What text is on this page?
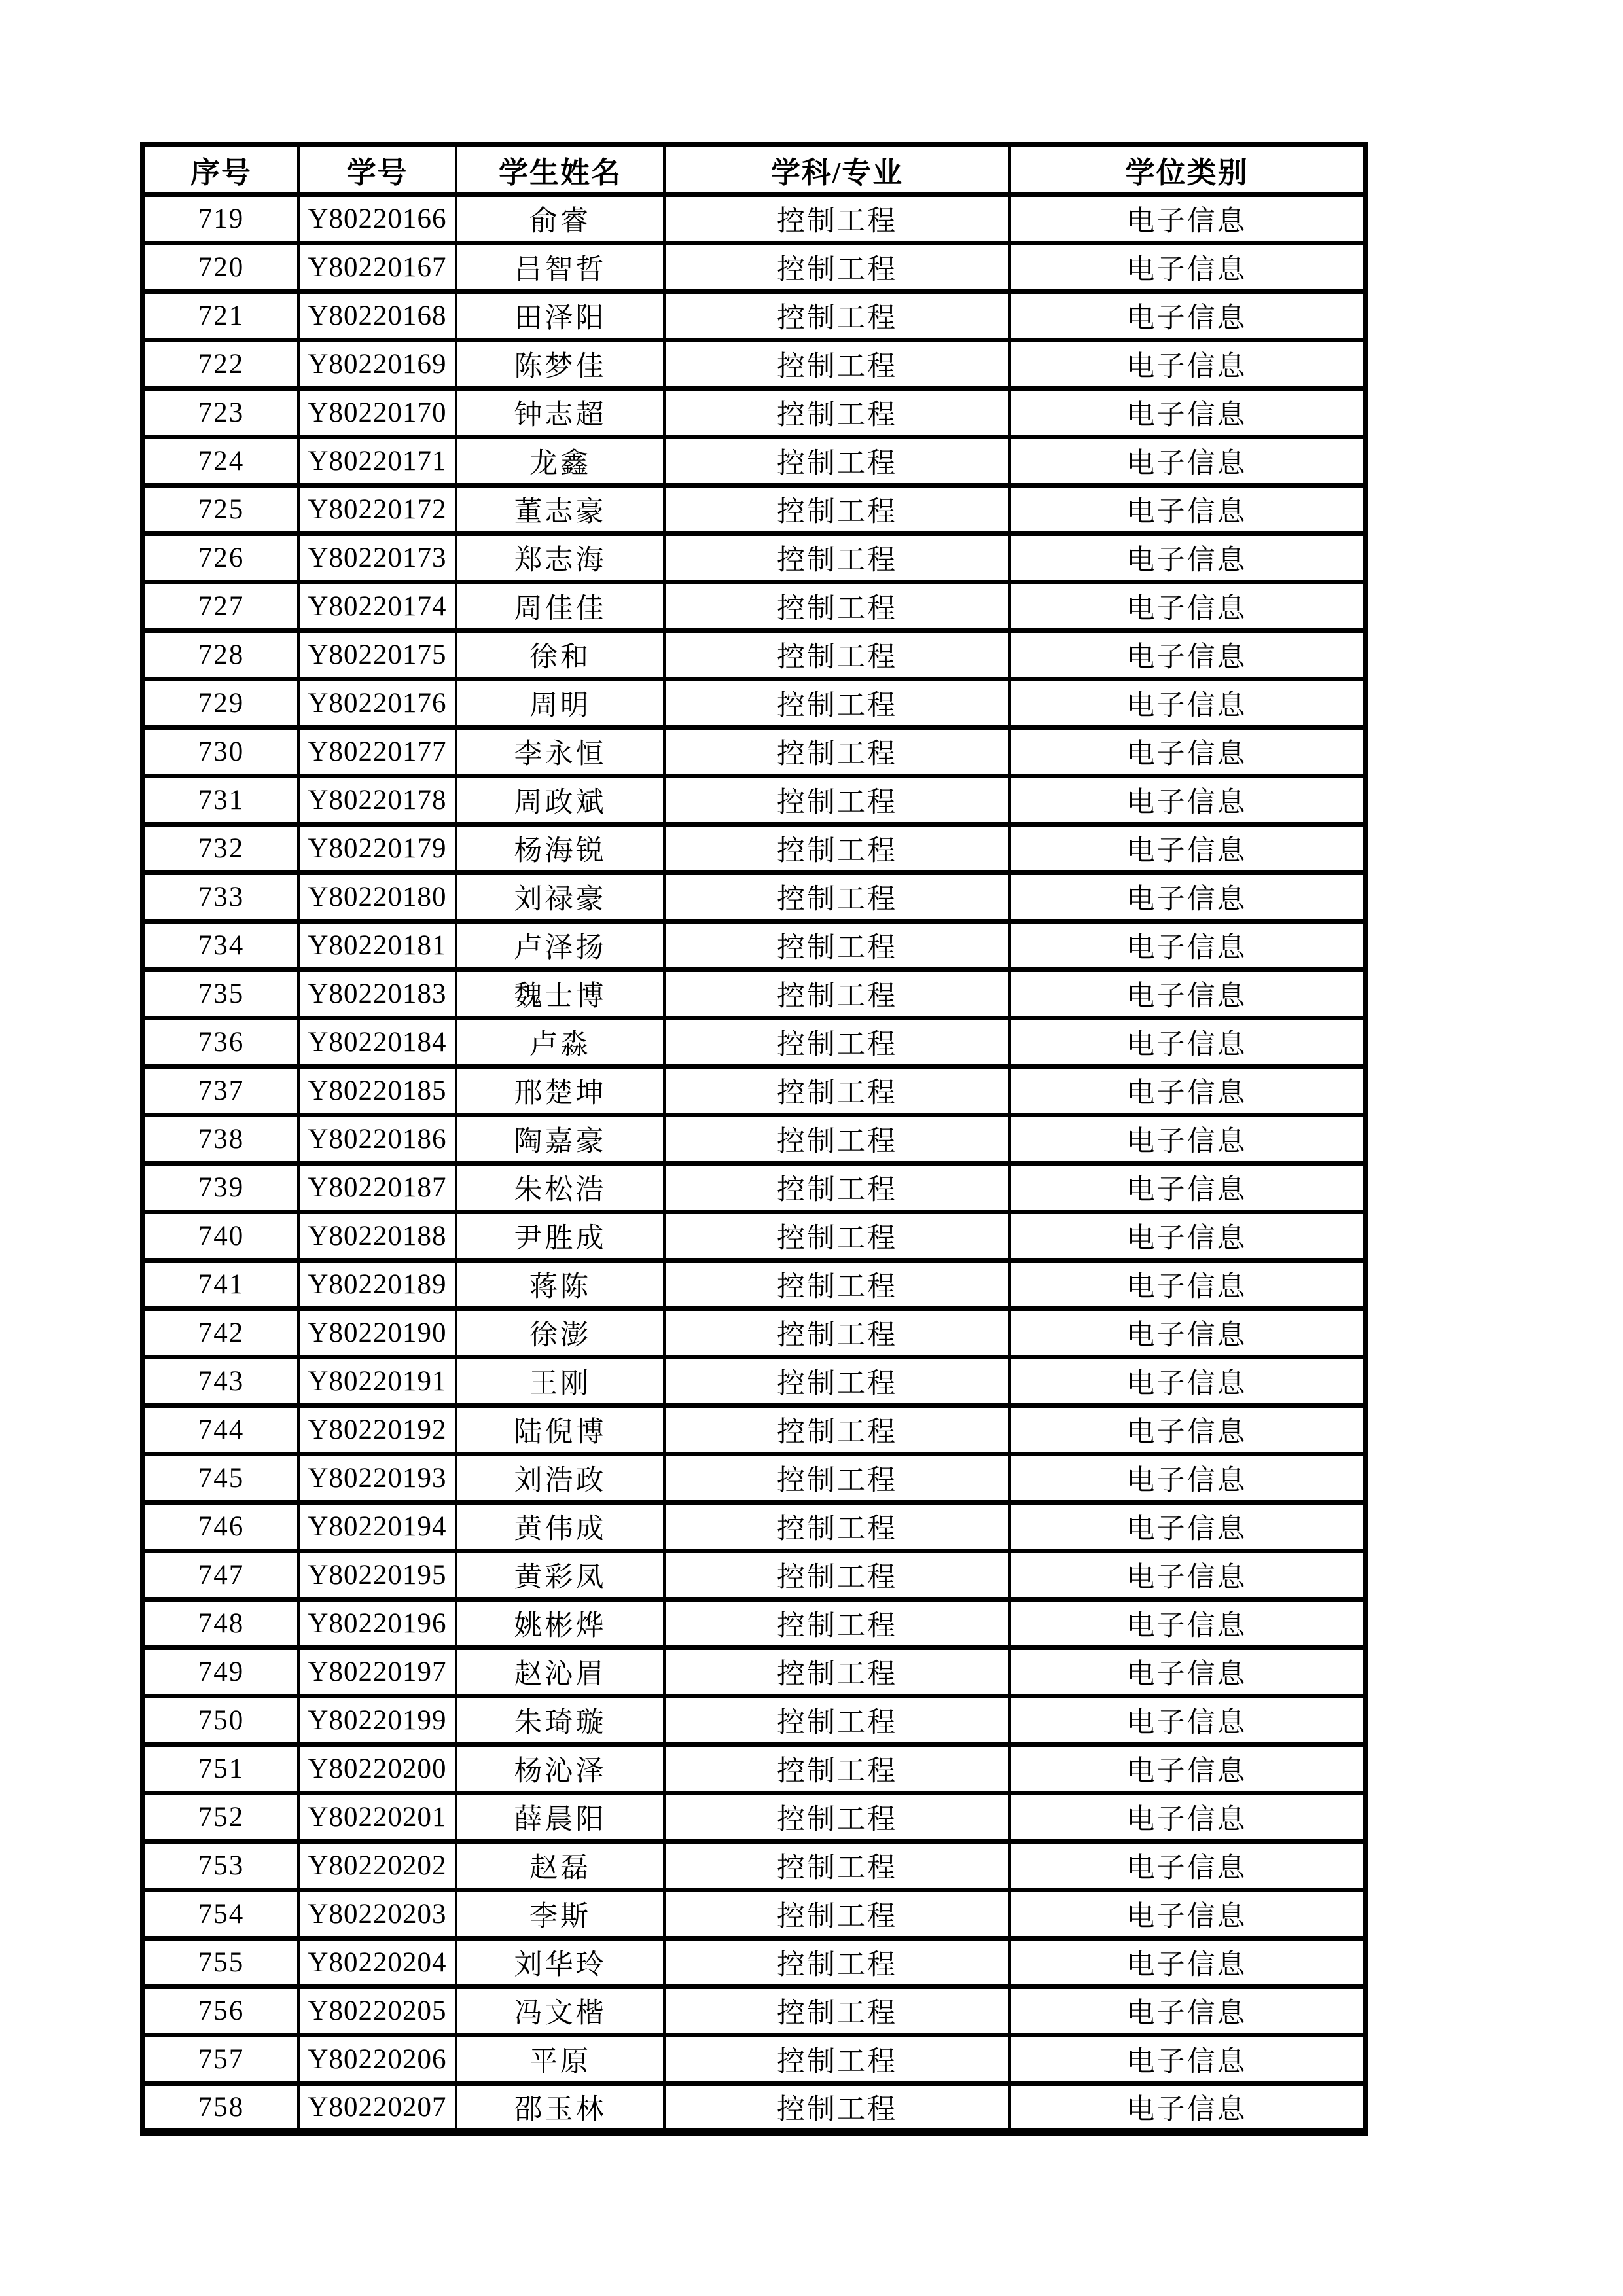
序号	学号	学生姓名	学科/专业	学位类别
719	Y80220166	俞睿	控制工程	电子信息
720	Y80220167	吕智哲	控制工程	电子信息
721	Y80220168	田泽阳	控制工程	电子信息
722	Y80220169	陈梦佳	控制工程	电子信息
723	Y80220170	钟志超	控制工程	电子信息
724	Y80220171	龙鑫	控制工程	电子信息
725	Y80220172	董志豪	控制工程	电子信息
726	Y80220173	郑志海	控制工程	电子信息
727	Y80220174	周佳佳	控制工程	电子信息
728	Y80220175	徐和	控制工程	电子信息
729	Y80220176	周明	控制工程	电子信息
730	Y80220177	李永恒	控制工程	电子信息
731	Y80220178	周政斌	控制工程	电子信息
732	Y80220179	杨海锐	控制工程	电子信息
733	Y80220180	刘禄豪	控制工程	电子信息
734	Y80220181	卢泽扬	控制工程	电子信息
735	Y80220183	魏士博	控制工程	电子信息
736	Y80220184	卢淼	控制工程	电子信息
737	Y80220185	邢楚坤	控制工程	电子信息
738	Y80220186	陶嘉豪	控制工程	电子信息
739	Y80220187	朱松浩	控制工程	电子信息
740	Y80220188	尹胜成	控制工程	电子信息
741	Y80220189	蒋陈	控制工程	电子信息
742	Y80220190	徐澎	控制工程	电子信息
743	Y80220191	王刚	控制工程	电子信息
744	Y80220192	陆倪博	控制工程	电子信息
745	Y80220193	刘浩政	控制工程	电子信息
746	Y80220194	黄伟成	控制工程	电子信息
747	Y80220195	黄彩凤	控制工程	电子信息
748	Y80220196	姚彬烨	控制工程	电子信息
749	Y80220197	赵沁眉	控制工程	电子信息
750	Y80220199	朱琦璇	控制工程	电子信息
751	Y80220200	杨沁泽	控制工程	电子信息
752	Y80220201	薛晨阳	控制工程	电子信息
753	Y80220202	赵磊	控制工程	电子信息
754	Y80220203	李斯	控制工程	电子信息
755	Y80220204	刘华玲	控制工程	电子信息
756	Y80220205	冯文楷	控制工程	电子信息
757	Y80220206	平原	控制工程	电子信息
758	Y80220207	邵玉林	控制工程	电子信息
